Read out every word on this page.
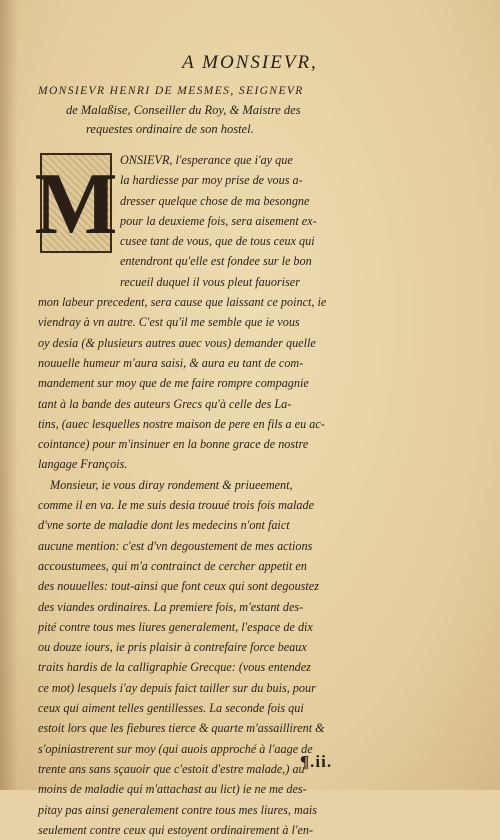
A MONSIEVR,
MONSIEVR HENRI DE MESMES, SEIGNEVR
de Malaßise, Conseiller du Roy, & Maistre des
requestes ordinaire de son hostel.
M ONSIEVR, l'esperance que i'ay que

la hardiesse par moy prise de vous a-

dresser quelque chose de ma besongne

pour la deuxieme fois, sera aisement ex-

cusee tant de vous, que de tous ceux qui

entendront qu'elle est fondee sur le bon

recueil duquel il vous pleut fauoriser

mon labeur precedent, sera cause que laissant ce poinct, ie

viendray à vn autre. C'est qu'il me semble que ie vous

oy desia (& plusieurs autres auec vous) demander quelle

nouuelle humeur m'aura saisi, & aura eu tant de com-

mandement sur moy que de me faire rompre compagnie

tant à la bande des auteurs Grecs qu'à celle des La-

tins, (auec lesquelles nostre maison de pere en fils a eu ac-

cointance) pour m'insinuer en la bonne grace de nostre

langage François.

Monsieur, ie vous diray rondement & priueement,

comme il en va. Ie me suis desia trouué trois fois malade

d'vne sorte de maladie dont les medecins n'ont faict

aucune mention: c'est d'vn degoustement de mes actions

accoustumees, qui m'a contrainct de cercher appetit en

des nouuelles: tout-ainsi que font ceux qui sont degoustez

des viandes ordinaires. La premiere fois, m'estant des-

pité contre tous mes liures generalement, l'espace de dix

ou douze iours, ie pris plaisir à contrefaire force beaux

traits hardis de la calligraphie Grecque: (vous entendez

ce mot) lesquels i'ay depuis faict tailler sur du buis, pour

ceux qui aiment telles gentillesses. La seconde fois qui

estoit lors que les fiebures tierce & quarte m'assaillirent &

s'opiniastrerent sur moy (qui auois approché à l'aage de

trente ans sans sçauoir que c'estoit d'estre malade,) au

moins de maladie qui m'attachast au lict) ie ne me des-

pitay pas ainsi generalement contre tous mes liures, mais

seulement contre ceux qui estoyent ordinairement à l'en-

¶.ii.
